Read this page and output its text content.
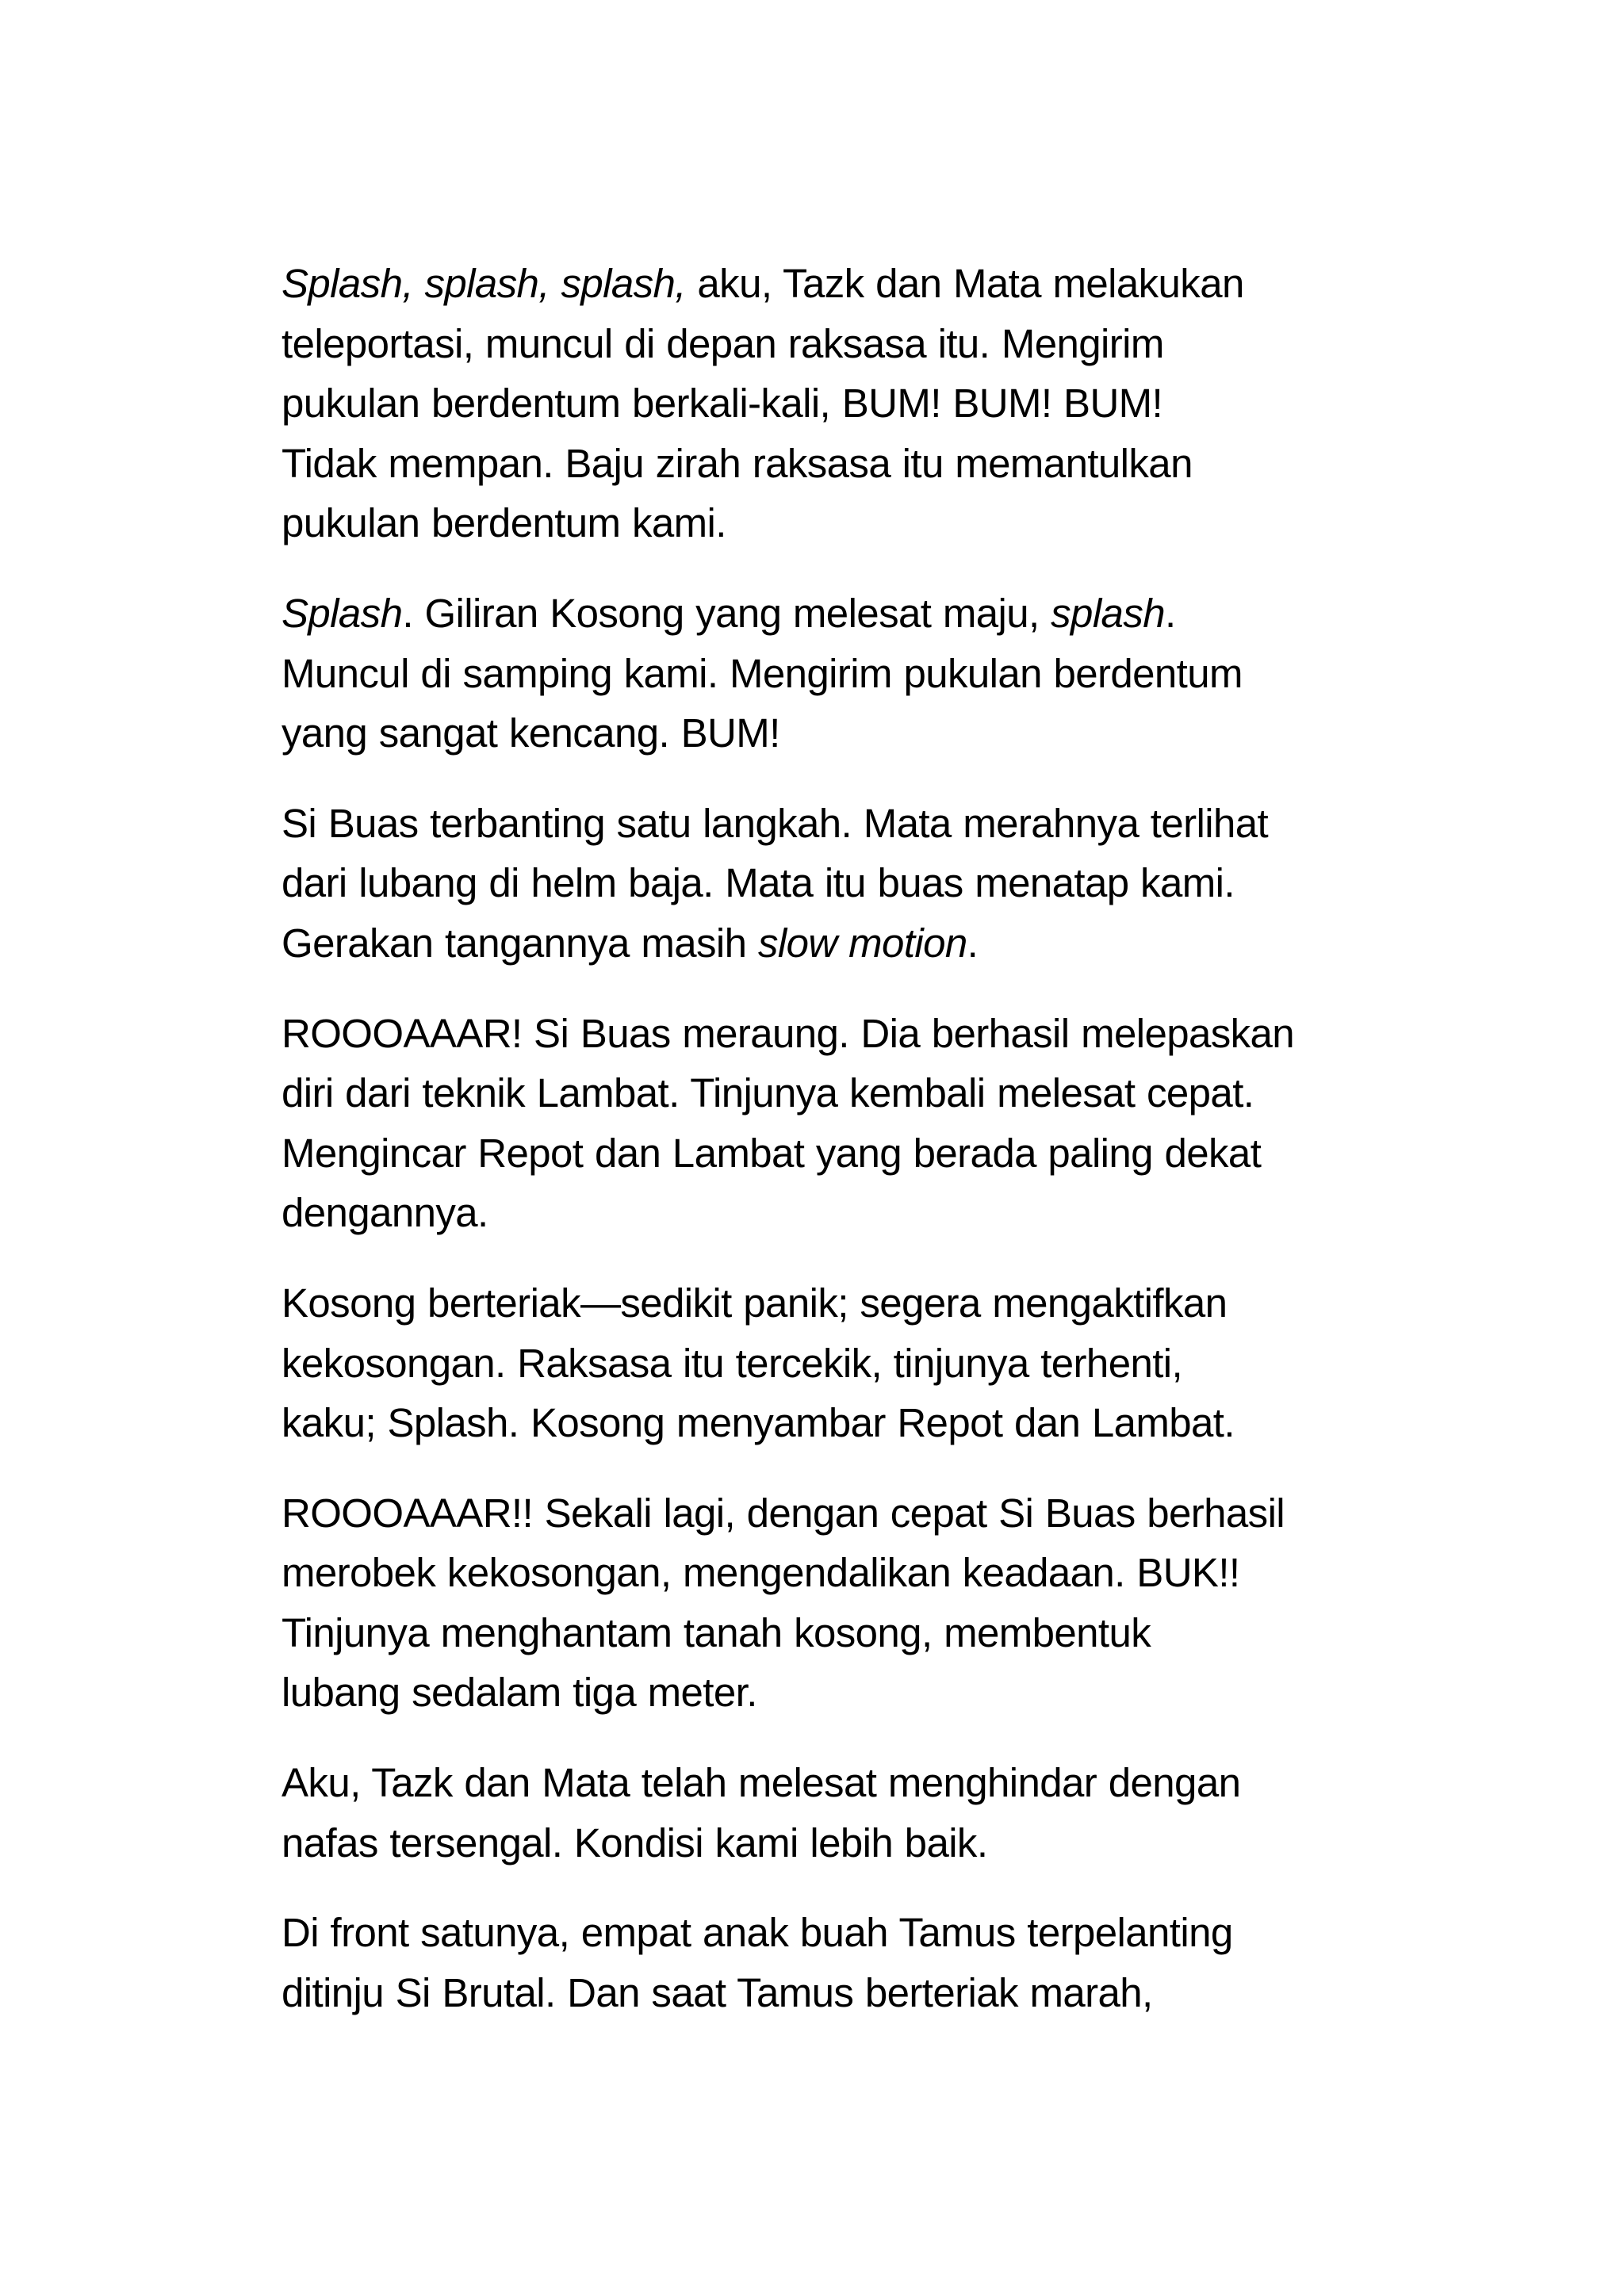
Splash, splash, splash, aku, Tazk dan Mata melakukan
teleportasi, muncul di depan raksasa itu. Mengirim
pukulan berdentum berkali-kali, BUM! BUM! BUM!
Tidak mempan. Baju zirah raksasa itu memantulkan
pukulan berdentum kami.

Splash. Giliran Kosong yang melesat maju, splash.
Muncul di samping kami. Mengirim pukulan berdentum
yang sangat kencang. BUM!

Si Buas terbanting satu langkah. Mata merahnya terlihat
dari lubang di helm baja. Mata itu buas menatap kami.
Gerakan tangannya masih slow motion.

ROOOAAAR! Si Buas meraung. Dia berhasil melepaskan
diri dari teknik Lambat. Tinjunya kembali melesat cepat.
Mengincar Repot dan Lambat yang berada paling dekat
dengannya.

Kosong berteriak—sedikit panik; segera mengaktifkan
kekosongan. Raksasa itu tercekik, tinjunya terhenti,
kaku; Splash. Kosong menyambar Repot dan Lambat.

ROOOAAAR!! Sekali lagi, dengan cepat Si Buas berhasil
merobek kekosongan, mengendalikan keadaan. BUK!!
Tinjunya menghantam tanah kosong, membentuk
lubang sedalam tiga meter.

Aku, Tazk dan Mata telah melesat menghindar dengan
nafas tersengal. Kondisi kami lebih baik.

Di front satunya, empat anak buah Tamus terpelanting
ditinju Si Brutal. Dan saat Tamus berteriak marah,
